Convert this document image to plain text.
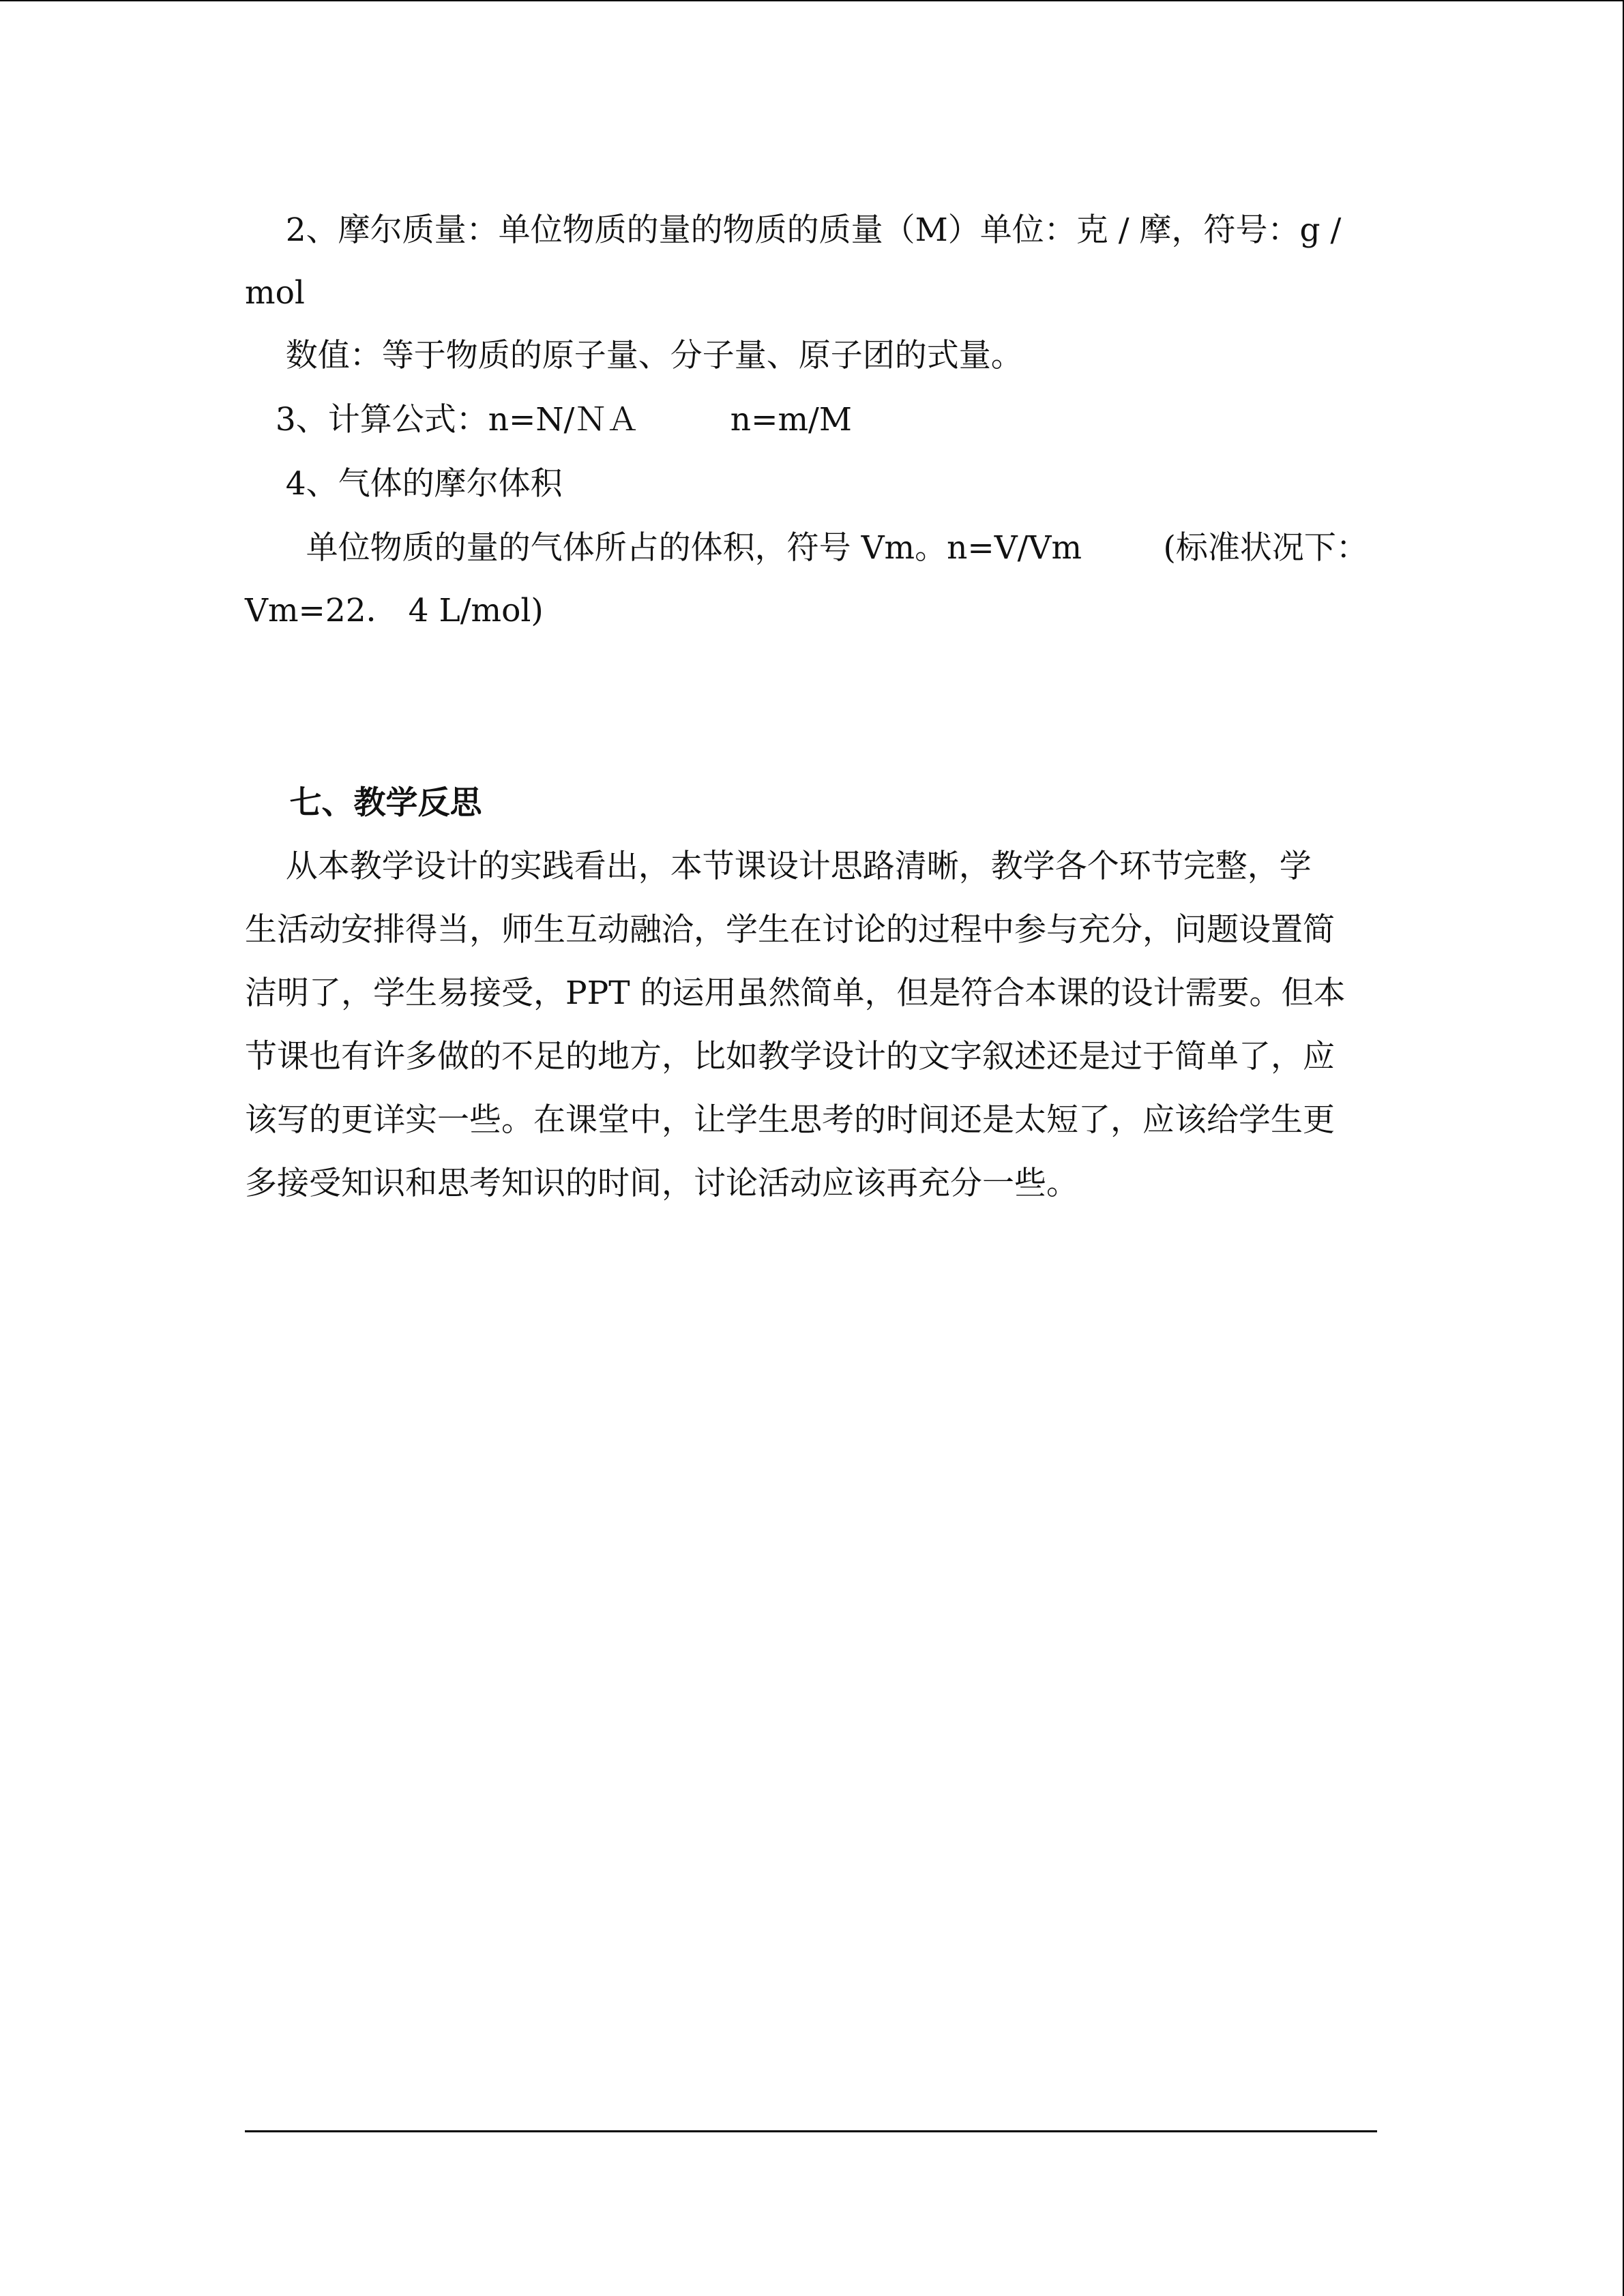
2、摩尔质量：单位物质的量的物质的质量（M）单位：克 / 摩，符号：g /
mol
数值：等于物质的原子量、分子量、原子团的式量。
3、计算公式：n=N/ＮＡ         n=m/M
4、气体的摩尔体积
单位物质的量的气体所占的体积，符号 Vm。n=V/Vm        (标准状况下：
Vm=22． 4 L/mol)
七、教学反思
从本教学设计的实践看出，本节课设计思路清晰，教学各个环节完整，学
生活动安排得当，师生互动融洽，学生在讨论的过程中参与充分，问题设置简
洁明了，学生易接受，PPT 的运用虽然简单，但是符合本课的设计需要。但本
节课也有许多做的不足的地方，比如教学设计的文字叙述还是过于简单了，应
该写的更详实一些。在课堂中，让学生思考的时间还是太短了，应该给学生更
多接受知识和思考知识的时间，讨论活动应该再充分一些。
